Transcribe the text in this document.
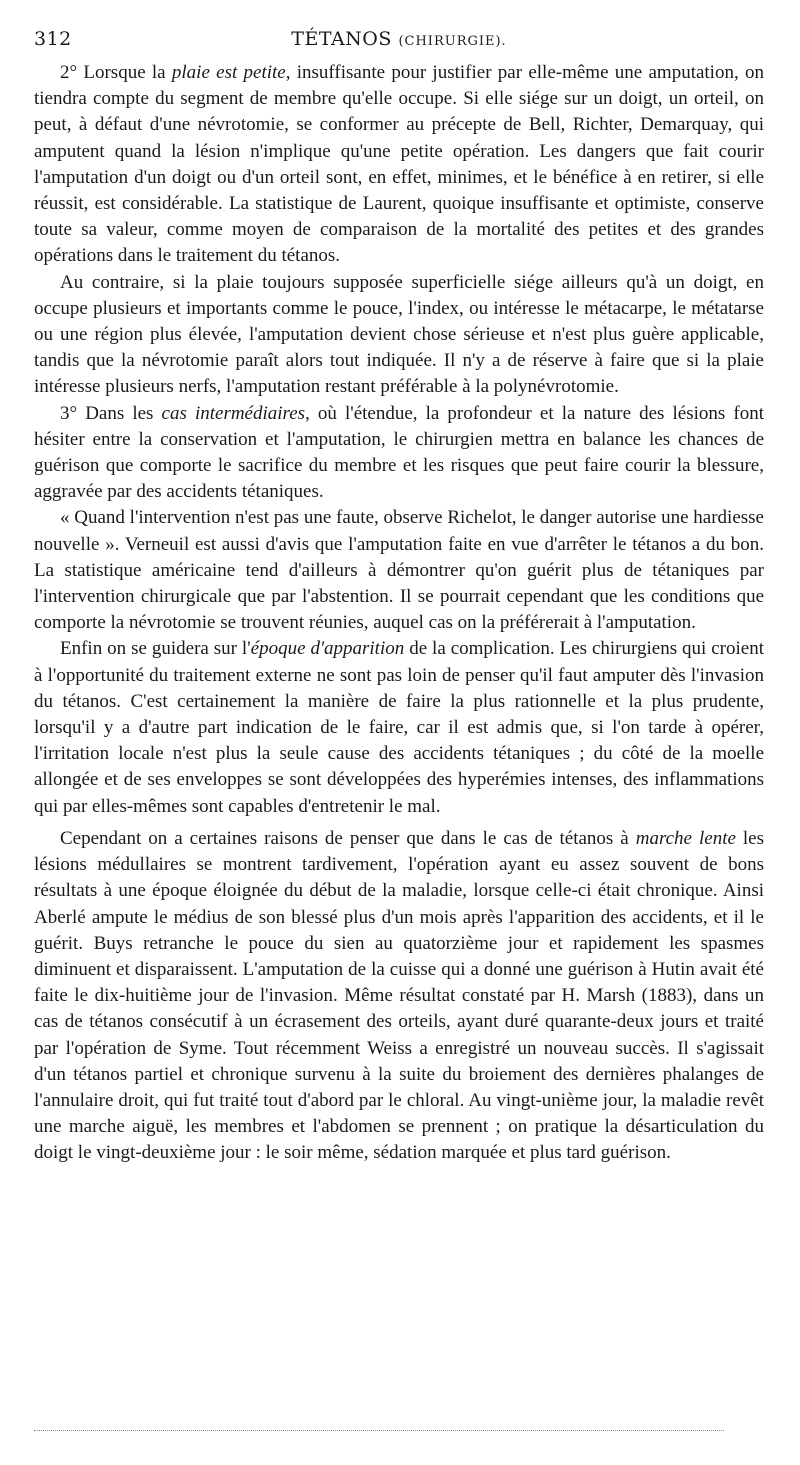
312	TÉTANOS (CHIRURGIE).

2° Lorsque la plaie est petite, insuffisante pour justifier par elle-même une amputation, on tiendra compte du segment de membre qu'elle occupe. Si elle siége sur un doigt, un orteil, on peut, à défaut d'une névrotomie, se conformer au précepte de Bell, Richter, Demarquay, qui amputent quand la lésion n'implique qu'une petite opération. Les dangers que fait courir l'amputation d'un doigt ou d'un orteil sont, en effet, minimes, et le bénéfice à en retirer, si elle réussit, est considérable. La statistique de Laurent, quoique insuffisante et optimiste, conserve toute sa valeur, comme moyen de comparaison de la mortalité des petites et des grandes opérations dans le traitement du tétanos.

Au contraire, si la plaie toujours supposée superficielle siége ailleurs qu'à un doigt, en occupe plusieurs et importants comme le pouce, l'index, ou intéresse le métacarpe, le métatarse ou une région plus élevée, l'amputation devient chose sérieuse et n'est plus guère applicable, tandis que la névrotomie paraît alors tout indiquée. Il n'y a de réserve à faire que si la plaie intéresse plusieurs nerfs, l'amputation restant préférable à la polynévrotomie.

3° Dans les cas intermédiaires, où l'étendue, la profondeur et la nature des lésions font hésiter entre la conservation et l'amputation, le chirurgien mettra en balance les chances de guérison que comporte le sacrifice du membre et les risques que peut faire courir la blessure, aggravée par des accidents tétaniques.

« Quand l'intervention n'est pas une faute, observe Richelot, le danger autorise une hardiesse nouvelle ». Verneuil est aussi d'avis que l'amputation faite en vue d'arrêter le tétanos a du bon. La statistique américaine tend d'ailleurs à démontrer qu'on guérit plus de tétaniques par l'intervention chirurgicale que par l'abstention. Il se pourrait cependant que les conditions que comporte la névrotomie se trouvent réunies, auquel cas on la préférerait à l'amputation.

Enfin on se guidera sur l'époque d'apparition de la complication. Les chirurgiens qui croient à l'opportunité du traitement externe ne sont pas loin de penser qu'il faut amputer dès l'invasion du tétanos. C'est certainement la manière de faire la plus rationnelle et la plus prudente, lorsqu'il y a d'autre part indication de le faire, car il est admis que, si l'on tarde à opérer, l'irritation locale n'est plus la seule cause des accidents tétaniques ; du côté de la moelle allongée et de ses enveloppes se sont développées des hyperémies intenses, des inflammations qui par elles-mêmes sont capables d'entretenir le mal.

Cependant on a certaines raisons de penser que dans le cas de tétanos à marche lente les lésions médullaires se montrent tardivement, l'opération ayant eu assez souvent de bons résultats à une époque éloignée du début de la maladie, lorsque celle-ci était chronique. Ainsi Aberlé ampute le médius de son blessé plus d'un mois après l'apparition des accidents, et il le guérit. Buys retranche le pouce du sien au quatorzième jour et rapidement les spasmes diminuent et disparaissent. L'amputation de la cuisse qui a donné une guérison à Hutin avait été faite le dix-huitième jour de l'invasion. Même résultat constaté par H. Marsh (1883), dans un cas de tétanos consécutif à un écrasement des orteils, ayant duré quarante-deux jours et traité par l'opération de Syme. Tout récemment Weiss a enregistré un nouveau succès. Il s'agissait d'un tétanos partiel et chronique survenu à la suite du broiement des dernières phalanges de l'annulaire droit, qui fut traité tout d'abord par le chloral. Au vingt-unième jour, la maladie revêt une marche aiguë, les membres et l'abdomen se prennent ; on pratique la désarticulation du doigt le vingt-deuxième jour : le soir même, sédation marquée et plus tard guérison.
